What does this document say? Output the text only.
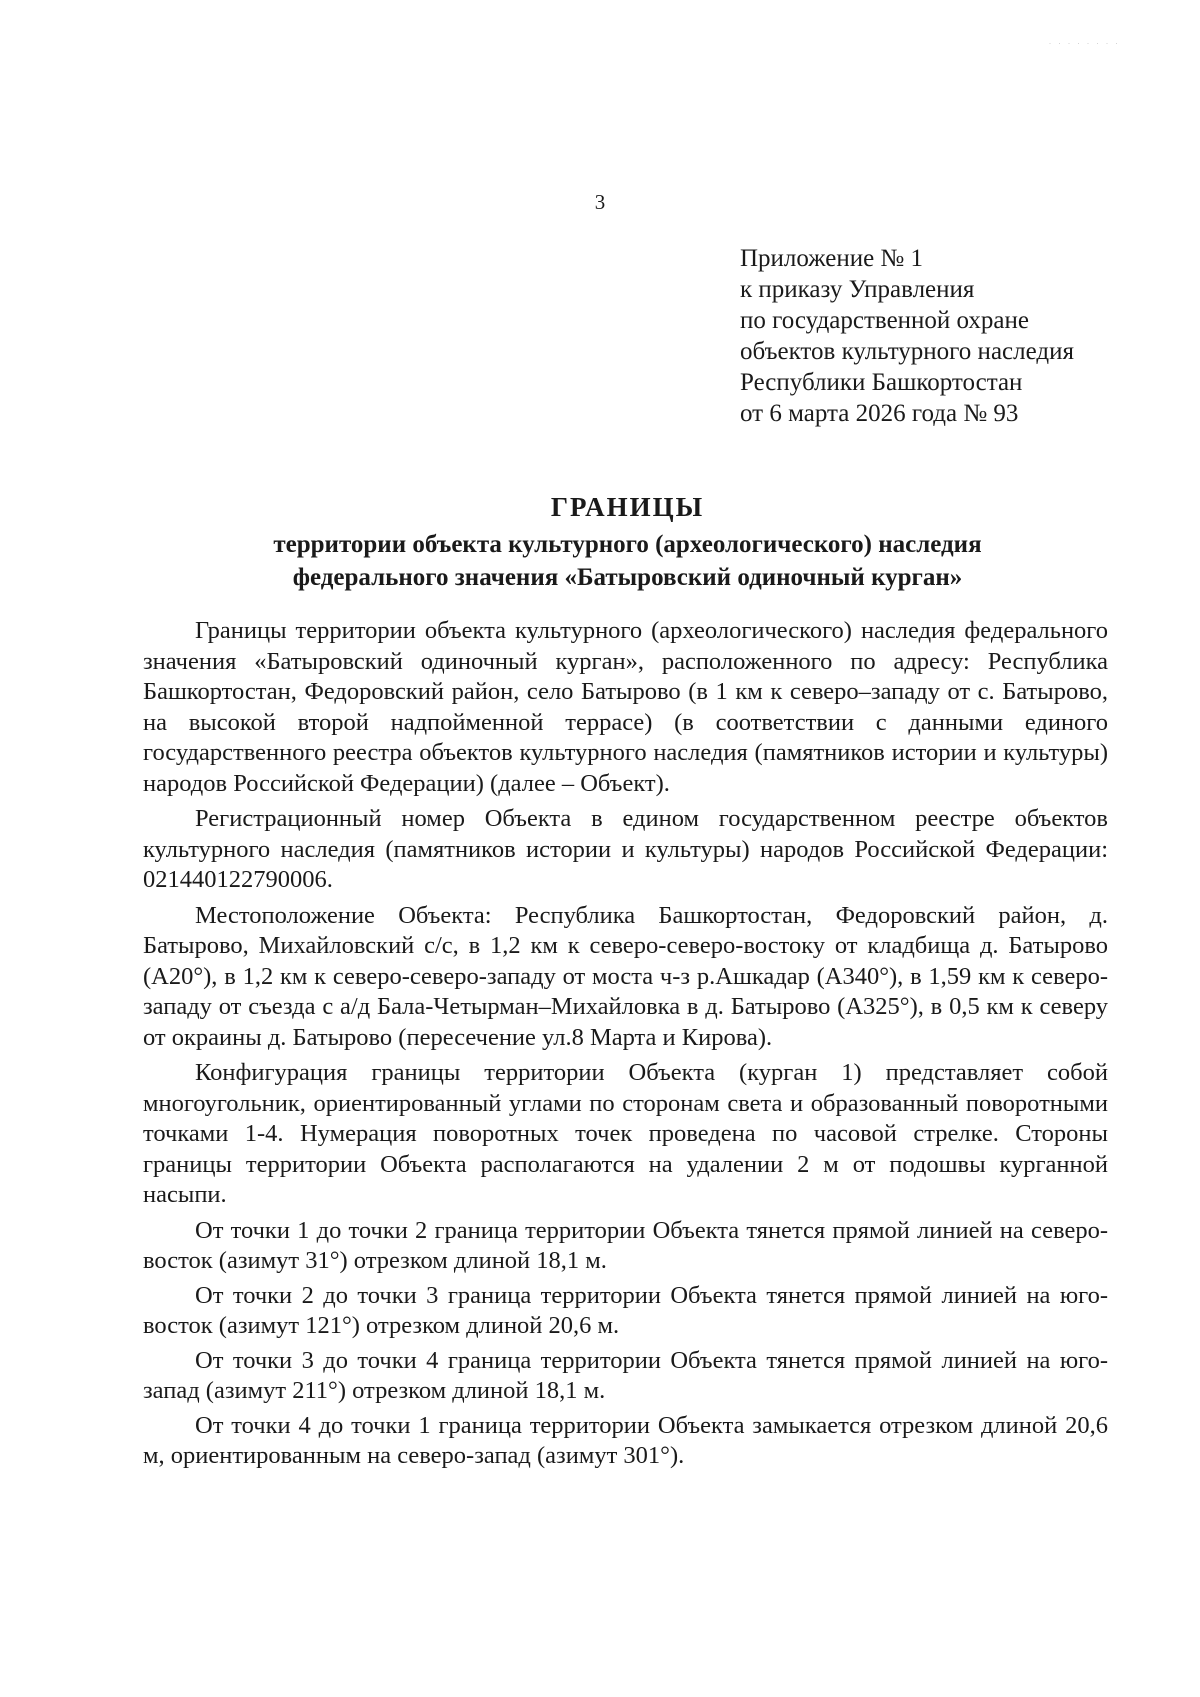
· · · · · · · ·
3
Приложение № 1
к приказу Управления
по государственной охране
объектов культурного наследия
Республики Башкортостан
от 6 марта 2026 года № 93
ГРАНИЦЫ
территории объекта культурного (археологического) наследия
федерального значения «Батыровский одиночный курган»

Границы территории объекта культурного (археологического) наследия федерального значения «Батыровский одиночный курган», расположенного по адресу: Республика Башкортостан, Федоровский район, село Батырово (в 1 км к северо–западу от с. Батырово, на высокой второй надпойменной террасе) (в соответствии с данными единого государственного реестра объектов культурного наследия (памятников истории и культуры) народов Российской Федерации) (далее – Объект).

Регистрационный номер Объекта в едином государственном реестре объектов культурного наследия (памятников истории и культуры) народов Российской Федерации: 021440122790006.

Местоположение Объекта: Республика Башкортостан, Федоровский район, д. Батырово, Михайловский с/с, в 1,2 км к северо-северо-востоку от кладбища д. Батырово (A20°), в 1,2 км к северо-северо-западу от моста ч-з р.Ашкадар (A340°), в 1,59 км к северо-западу от съезда с а/д Бала-Четырман–Михайловка в д. Батырово (A325°), в 0,5 км к северу от окраины д. Батырово (пересечение ул.8 Марта и Кирова).

Конфигурация границы территории Объекта (курган 1) представляет собой многоугольник, ориентированный углами по сторонам света и образованный поворотными точками 1-4. Нумерация поворотных точек проведена по часовой стрелке. Стороны границы территории Объекта располагаются на удалении 2 м от подошвы курганной насыпи.

От точки 1 до точки 2 граница территории Объекта тянется прямой линией на северо-восток (азимут 31°) отрезком длиной 18,1 м.

От точки 2 до точки 3 граница территории Объекта тянется прямой линией на юго-восток (азимут 121°) отрезком длиной 20,6 м.

От точки 3 до точки 4 граница территории Объекта тянется прямой линией на юго-запад (азимут 211°) отрезком длиной 18,1 м.

От точки 4 до точки 1 граница территории Объекта замыкается отрезком длиной 20,6 м, ориентированным на северо-запад (азимут 301°).
